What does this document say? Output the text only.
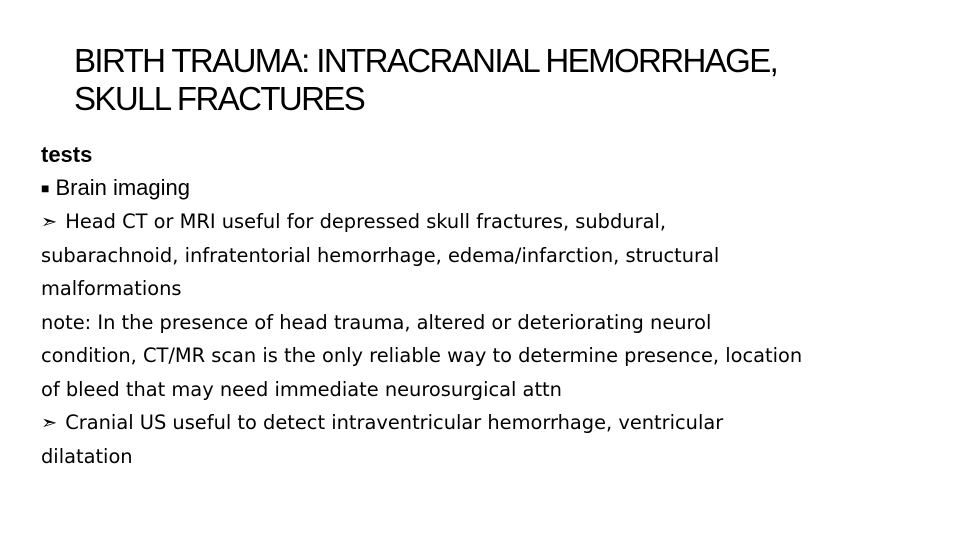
BIRTH TRAUMA: INTRACRANIAL HEMORRHAGE,
SKULL FRACTURES
tests
■ Brain imaging
➣ Head CT or MRI useful for depressed skull fractures, subdural,
subarachnoid, infratentorial hemorrhage, edema/infarction, structural
malformations
note: In the presence of head trauma, altered or deteriorating neurol
condition, CT/MR scan is the only reliable way to determine presence, location
of bleed that may need immediate neurosurgical attn
➣ Cranial US useful to detect intraventricular hemorrhage, ventricular
dilatation
